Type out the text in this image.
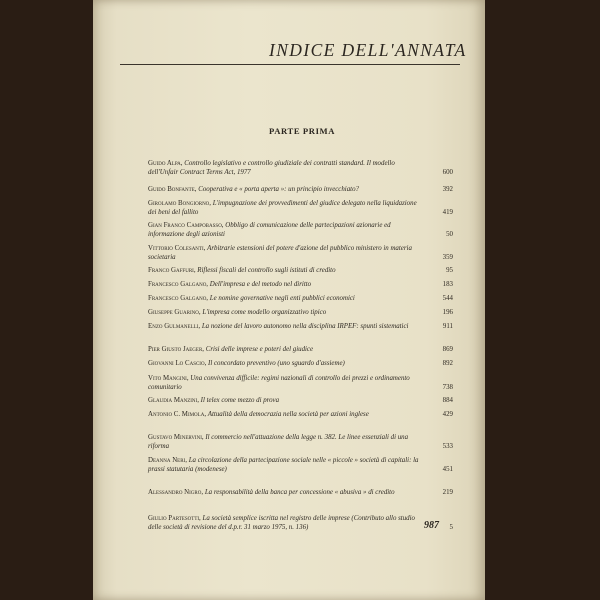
INDICE DELL'ANNATA
PARTE PRIMA
Guido Alpa, Controllo legislativo e controllo giudiziale dei contratti standard. Il modello dell'Unfair Contract Terms Act, 1977	600
Guido Bonfante, Cooperativa e « porta aperta »: un principio invecchiato?	392
Girolamo Bongiorno, L'impugnazione dei provvedimenti del giudice delegato nella liquidazione dei beni del fallito	419
Gian Franco Campobasso, Obbligo di comunicazione delle partecipazioni azionarie ed informazione degli azionisti	50
Vittorio Colesanti, Arbitrarie estensioni del potere d'azione del pubblico ministero in materia societaria	359
Franco Gaffuri, Riflessi fiscali del controllo sugli istituti di credito	95
Francesco Galgano, Dell'impresa e del metodo nel diritto	183
Francesco Galgano, Le nomine governative negli enti pubblici economici	544
Giuseppe Guarino, L'impresa come modello organizzativo tipico	196
Enzo Gulmanelli, La nozione del lavoro autonomo nella disciplina IRPEF: spunti sistematici	911
Pier Giusto Jaeger, Crisi delle imprese e poteri del giudice	869
Giovanni Lo Cascio, Il concordato preventivo (uno sguardo d'assieme)	892
Vito Mangini, Una convivenza difficile: regimi nazionali di controllo dei prezzi e ordinamento comunitario	738
Glaudia Manzini, Il telex come mezzo di prova	884
Antonio C. Mimola, Attualità della democrazia nella società per azioni inglese	429
Gustavo Minervini, Il commercio nell'attuazione della legge n. 382. Le linee essenziali di una riforma	533
Deanna Neri, La circolazione della partecipazione sociale nelle « piccole » società di capitali: la prassi statutaria (modenese)	451
Alessandro Nigro, La responsabilità della banca per concessione « abusiva » di credito	219
Giulio Partesotti, La società semplice iscritta nel registro delle imprese (Contributo allo studio delle società di revisione del d.p.r. 31 marzo 1975, n. 136)	5
987
